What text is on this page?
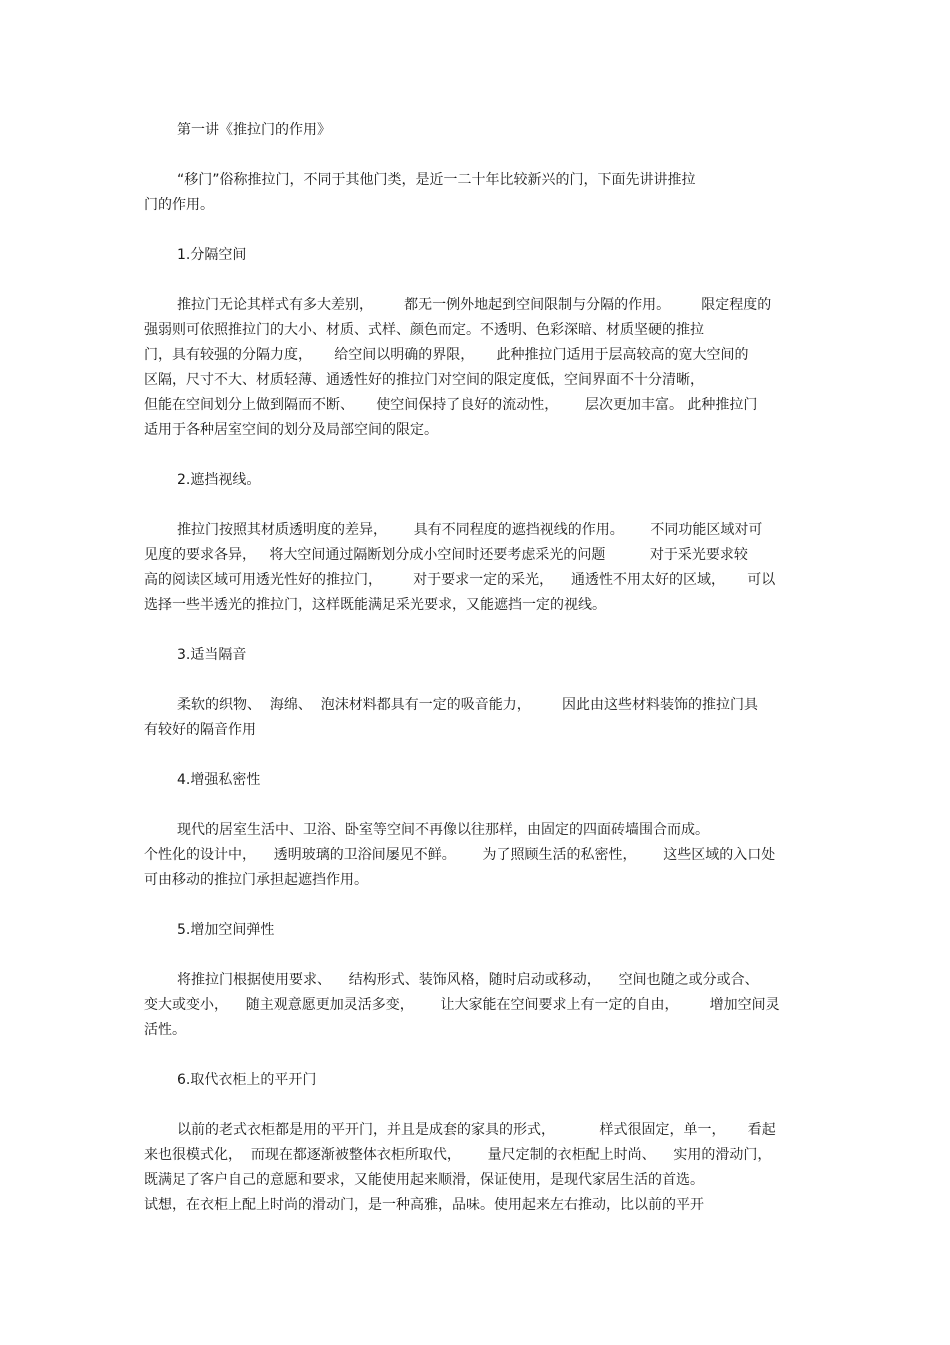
第一讲《推拉门的作用》
“移门”俗称推拉门，不同于其他门类，是近一二十年比较新兴的门，下面先讲讲推拉
门的作用。
1.分隔空间
推拉门无论其样式有多大差别，       都无一例外地起到空间限制与分隔的作用。       限定程度的
强弱则可依照推拉门的大小、材质、式样、颜色而定。不透明、色彩深暗、材质坚硬的推拉
门，具有较强的分隔力度，     给空间以明确的界限，     此种推拉门适用于层高较高的宽大空间的
区隔，尺寸不大、材质轻薄、通透性好的推拉门对空间的限定度低，空间界面不十分清晰，
但能在空间划分上做到隔而不断、     使空间保持了良好的流动性，      层次更加丰富。 此种推拉门
适用于各种居室空间的划分及局部空间的限定。
2.遮挡视线。
推拉门按照其材质透明度的差异，      具有不同程度的遮挡视线的作用。      不同功能区域对可
见度的要求各异，   将大空间通过隔断划分成小空间时还要考虑采光的问题          对于采光要求较
高的阅读区域可用透光性好的推拉门，       对于要求一定的采光，    通透性不用太好的区域，     可以
选择一些半透光的推拉门，这样既能满足采光要求，又能遮挡一定的视线。
3.适当隔音
柔软的织物、  海绵、  泡沫材料都具有一定的吸音能力，       因此由这些材料装饰的推拉门具
有较好的隔音作用
4.增强私密性
现代的居室生活中、卫浴、卧室等空间不再像以往那样，由固定的四面砖墙围合而成。
个性化的设计中，    透明玻璃的卫浴间屡见不鲜。      为了照顾生活的私密性，      这些区域的入口处
可由移动的推拉门承担起遮挡作用。
5.增加空间弹性
将推拉门根据使用要求、    结构形式、装饰风格，随时启动或移动，    空间也随之或分或合、
变大或变小，    随主观意愿更加灵活多变，      让大家能在空间要求上有一定的自由，       增加空间灵
活性。
6.取代衣柜上的平开门
以前的老式衣柜都是用的平开门，并且是成套的家具的形式，          样式很固定，单一，     看起
来也很模式化，  而现在都逐渐被整体衣柜所取代，      量尺定制的衣柜配上时尚、    实用的滑动门，
既满足了客户自己的意愿和要求，又能使用起来顺滑，保证使用，是现代家居生活的首选。
试想，在衣柜上配上时尚的滑动门，是一种高雅，品味。使用起来左右推动，比以前的平开
